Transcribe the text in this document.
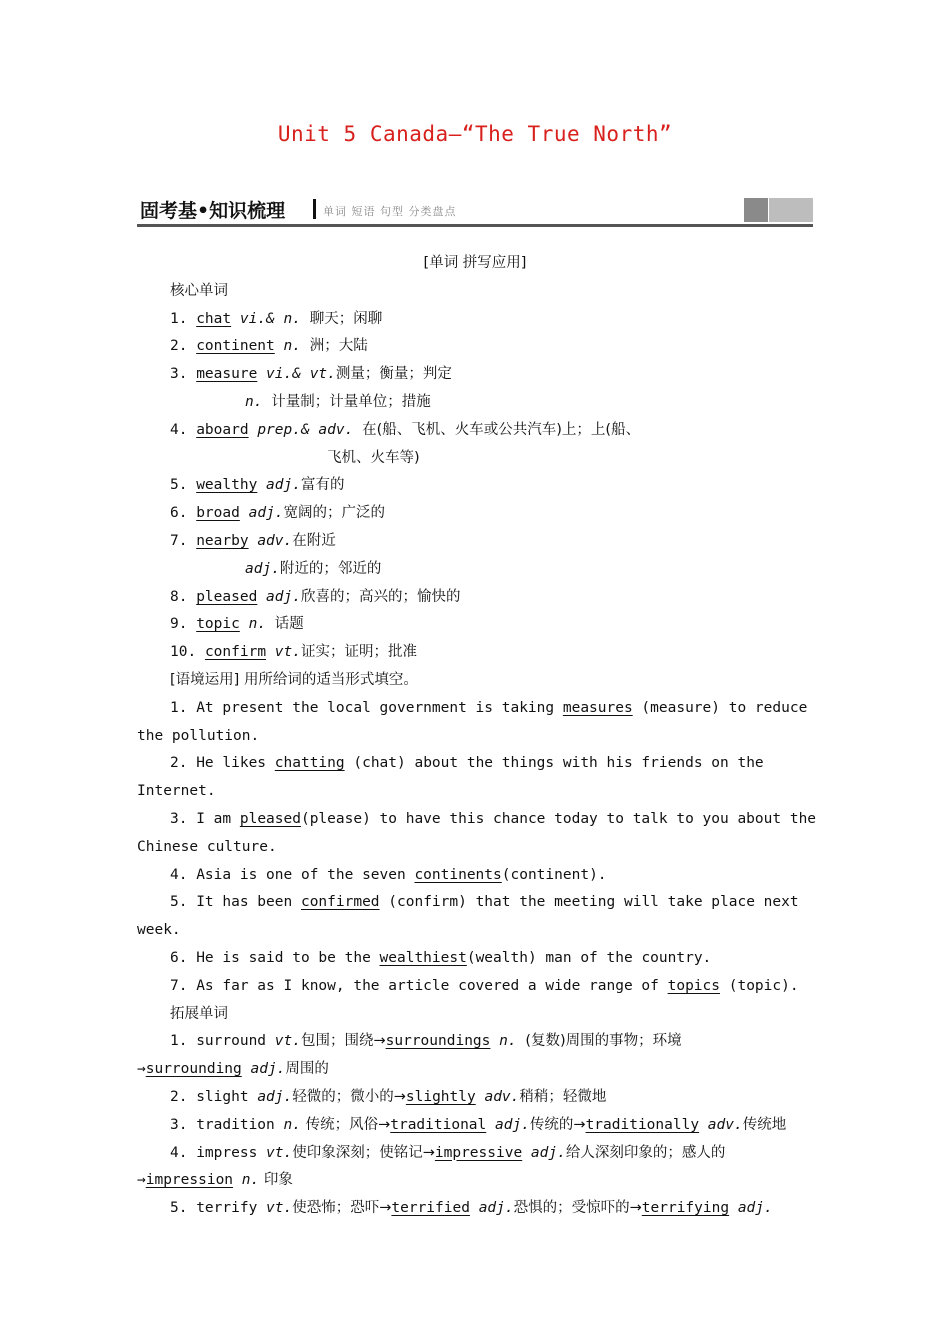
Unit 5 Canada—“The True North”
固考基•知识梳理	单词 短语 句型 分类盘点
[单词 拼写应用]
核心单词
1. chat vi.& n. 聊天；闲聊
2. continent n. 洲；大陆
3. measure vi.& vt.测量；衡量；判定
n. 计量制；计量单位；措施
4. aboard prep.& adv. 在(船、飞机、火车或公共汽车)上；上(船、
飞机、火车等)
5. wealthy adj.富有的
6. broad adj.宽阔的；广泛的
7. nearby adv.在附近
adj.附近的；邻近的
8. pleased adj.欣喜的；高兴的；愉快的
9. topic n. 话题
10. confirm vt.证实；证明；批准
[语境运用] 用所给词的适当形式填空。
1. At present the local government is taking measures (measure) to reduce
the pollution.
2. He likes chatting (chat) about the things with his friends on the
Internet.
3. I am pleased(please) to have this chance today to talk to you about the
Chinese culture.
4. Asia is one of the seven continents(continent).
5. It has been confirmed (confirm) that the meeting will take place next
week.
6. He is said to be the wealthiest(wealth) man of the country.
7. As far as I know, the article covered a wide range of topics (topic).
拓展单词
1. surround vt.包围；围绕→surroundings n. (复数)周围的事物；环境
→surrounding adj.周围的
2. slight adj.轻微的；微小的→slightly adv.稍稍；轻微地
3. tradition n. 传统；风俗→traditional adj.传统的→traditionally adv.传统地
4. impress vt.使印象深刻；使铭记→impressive adj.给人深刻印象的；感人的
→impression n. 印象
5. terrify vt.使恐怖；恐吓→terrified adj.恐惧的；受惊吓的→terrifying adj.
